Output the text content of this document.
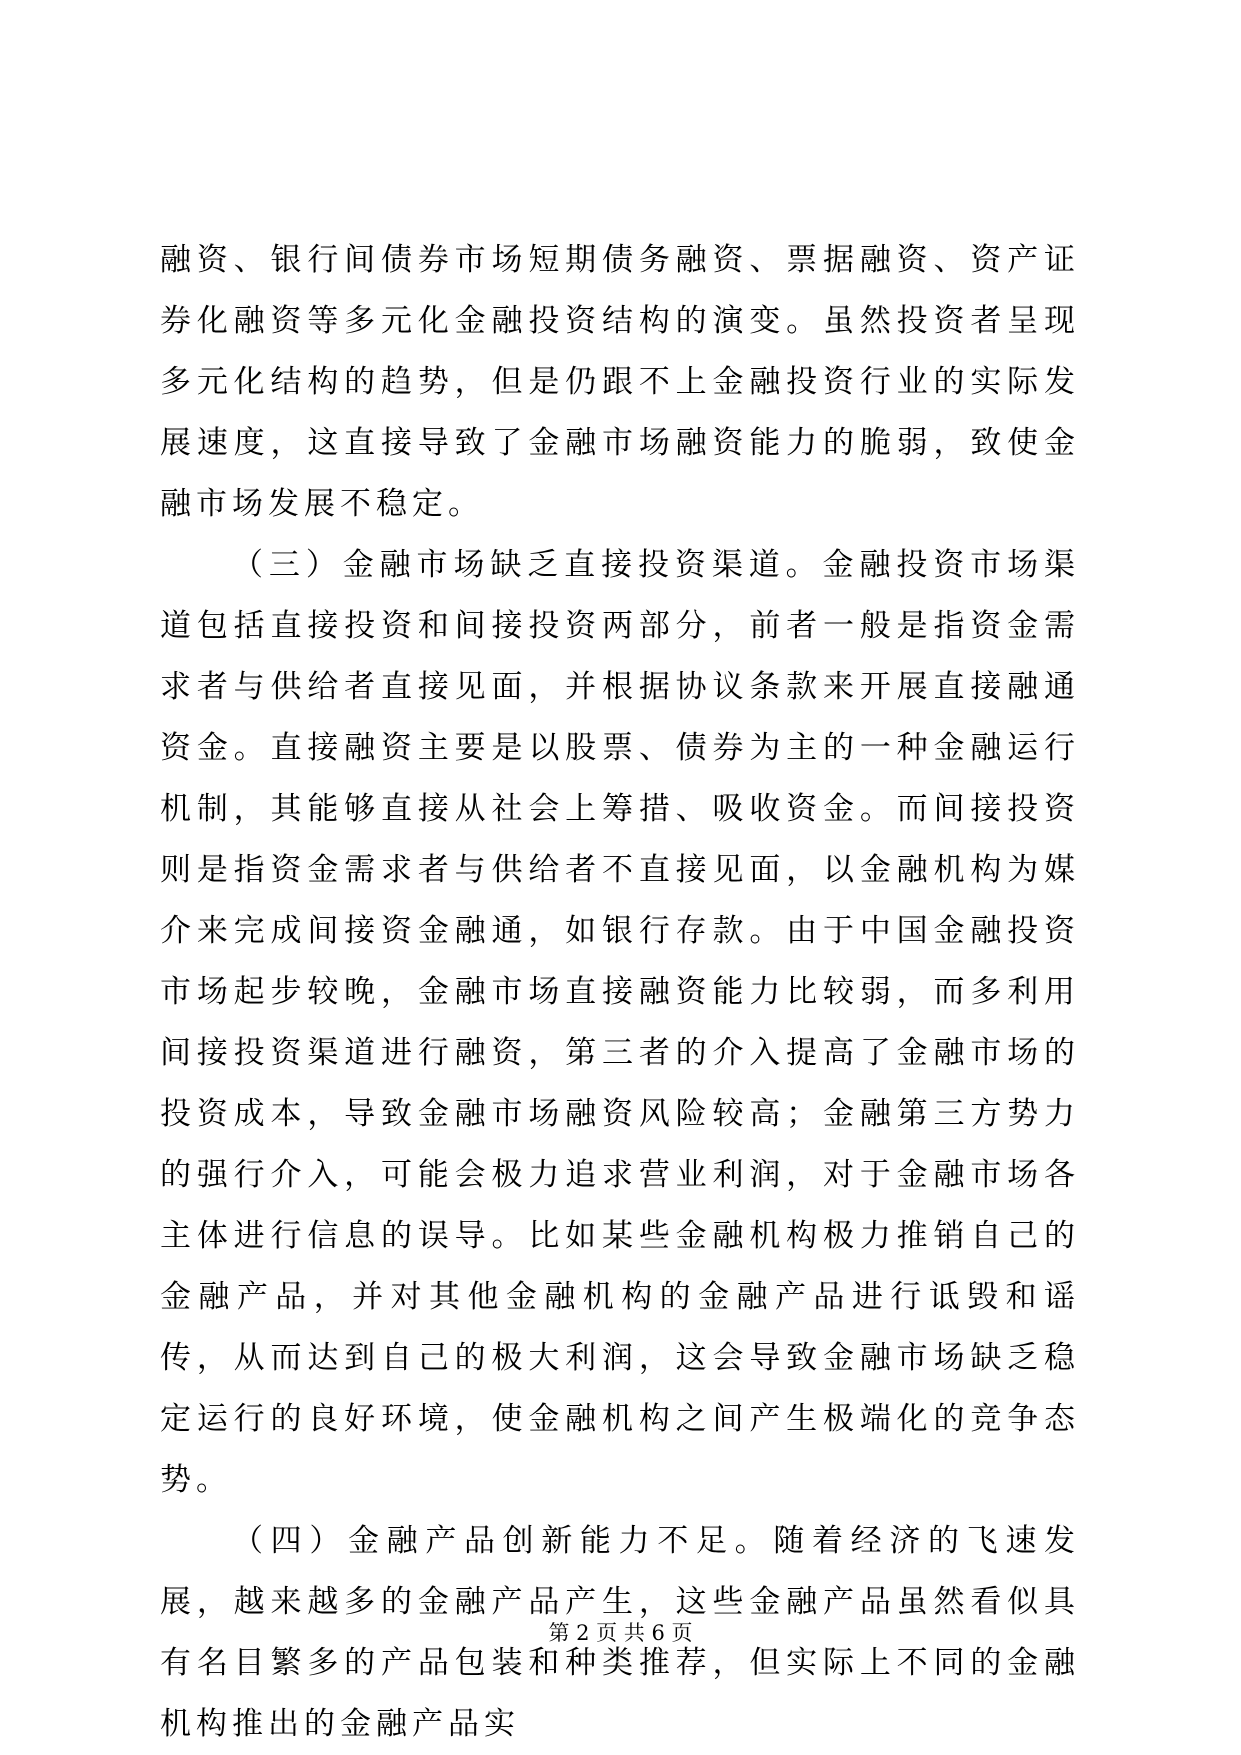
融资、银行间债券市场短期债务融资、票据融资、资产证券化融资等多元化金融投资结构的演变。虽然投资者呈现多元化结构的趋势，但是仍跟不上金融投资行业的实际发展速度，这直接导致了金融市场融资能力的脆弱，致使金融市场发展不稳定。

（三）金融市场缺乏直接投资渠道。金融投资市场渠道包括直接投资和间接投资两部分，前者一般是指资金需求者与供给者直接见面，并根据协议条款来开展直接融通资金。直接融资主要是以股票、债券为主的一种金融运行机制，其能够直接从社会上筹措、吸收资金。而间接投资则是指资金需求者与供给者不直接见面，以金融机构为媒介来完成间接资金融通，如银行存款。由于中国金融投资市场起步较晚，金融市场直接融资能力比较弱，而多利用间接投资渠道进行融资，第三者的介入提高了金融市场的投资成本，导致金融市场融资风险较高；金融第三方势力的强行介入，可能会极力追求营业利润，对于金融市场各主体进行信息的误导。比如某些金融机构极力推销自己的金融产品，并对其他金融机构的金融产品进行诋毁和谣传，从而达到自己的极大利润，这会导致金融市场缺乏稳定运行的良好环境，使金融机构之间产生极端化的竞争态势。

（四）金融产品创新能力不足。随着经济的飞速发展，越来越多的金融产品产生，这些金融产品虽然看似具有名目繁多的产品包装和种类推荐，但实际上不同的金融机构推出的金融产品实

第 2 页 共 6 页
